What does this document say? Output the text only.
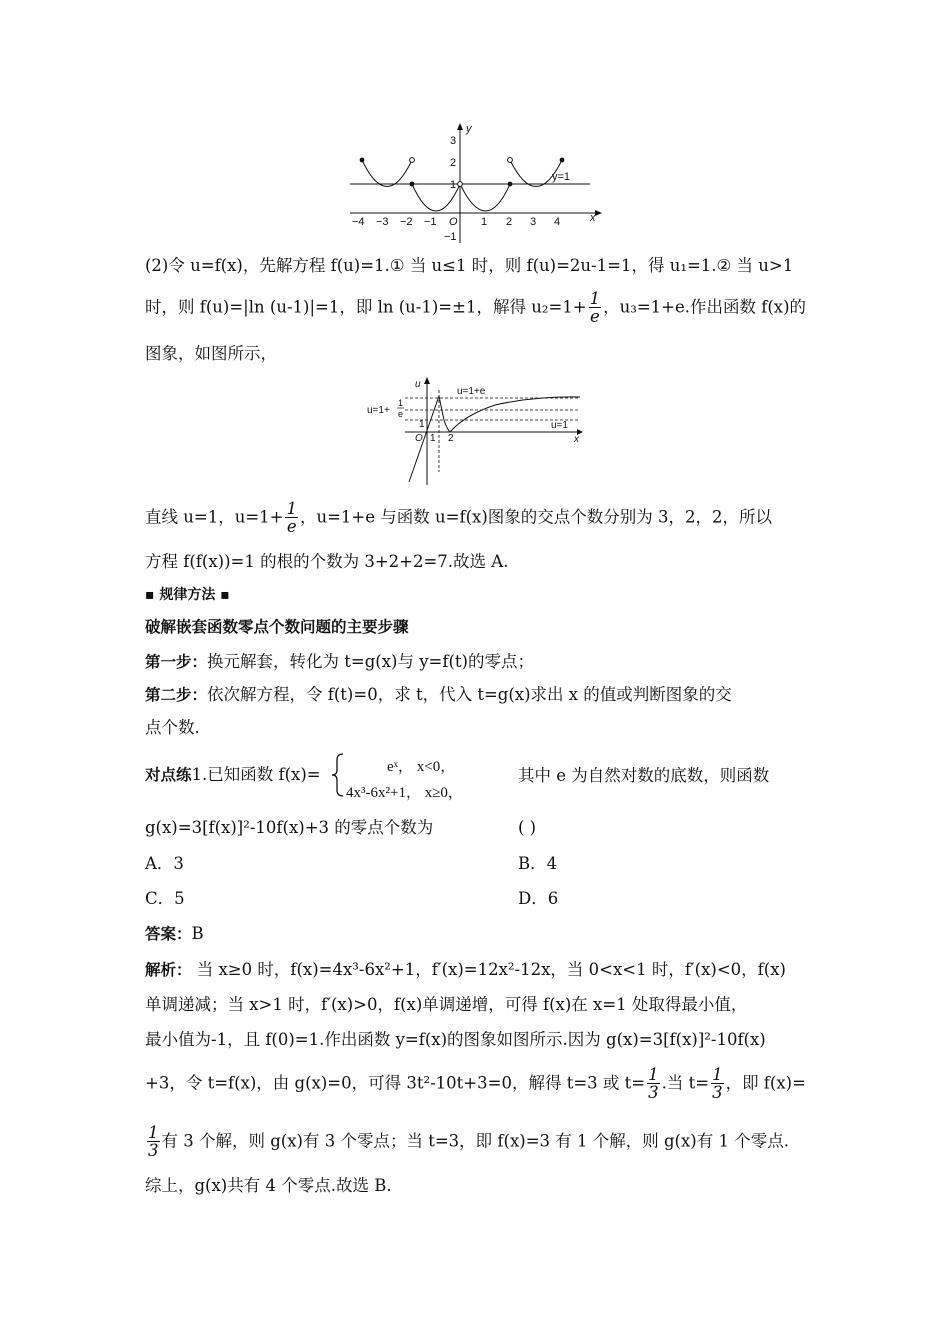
y
x
y=1
3
2
1
−1
−4 −3 −2 −1 O 1 2 3 4
(2)令 u=f(x)，先解方程 f(u)=1.① 当 u≤1 时，则 f(u)=2u-1=1，得 u₁=1.② 当 u>1
时，则 f(u)=|ln (u-1)|=1，即 ln (u-1)=±1，解得 $u_2=1+ \frac{1}{e}$ ，u₃=1+e.作出函数 f(x)的
图象，如图所示，
u
x
u=1+e
u=1+
1
e
u=1
1
O 1 2
直线 u=1，$u=1+ \frac{1}{e}$ ，u=1+e 与函数 u=f(x)图象的交点个数分别为 3，2，2，所以
方程 f(f(x))=1 的根的个数为 3+2+2=7.故选 A.
▪ 规律方法 ▪
破解嵌套函数零点个数问题的主要步骤
第一步：换元解套，转化为 t=g(x)与 y=f(t)的零点；
第二步：依次解方程，令 f(t)=0，求 t，代入 t=g(x)求出 x 的值或判断图象的交
点个数.
对点练1.已知函数 f(x)=	eˣ， x<0，
4x³-6x²+1， x≥0，
其中 e 为自然对数的底数，则函数
g(x)=3[f(x)]²-10f(x)+3 的零点个数为	( )
A．3	B．4
C．5	D．6
答案：B
解析： 当 x≥0 时，f(x)=4x³-6x²+1，f′(x)=12x²-12x，当 0<x<1 时，f′(x)<0，f(x)
单调递减；当 x>1 时，f′(x)>0，f(x)单调递增，可得 f(x)在 x=1 处取得最小值，
最小值为-1，且 f(0)=1.作出函数 y=f(x)的图象如图所示.因为 g(x)=3[f(x)]²-10f(x)
+3，令 t=f(x)，由 g(x)=0，可得 3t²-10t+3=0，解得 t=3 或 $t= \frac{1}{3}$ .当 $t= \frac{1}{3}$ ，即 f(x)=
$\frac{1}{3}$ 有 3 个解，则 g(x)有 3 个零点；当 t=3，即 f(x)=3 有 1 个解，则 g(x)有 1 个零点.
综上，g(x)共有 4 个零点.故选 B.
